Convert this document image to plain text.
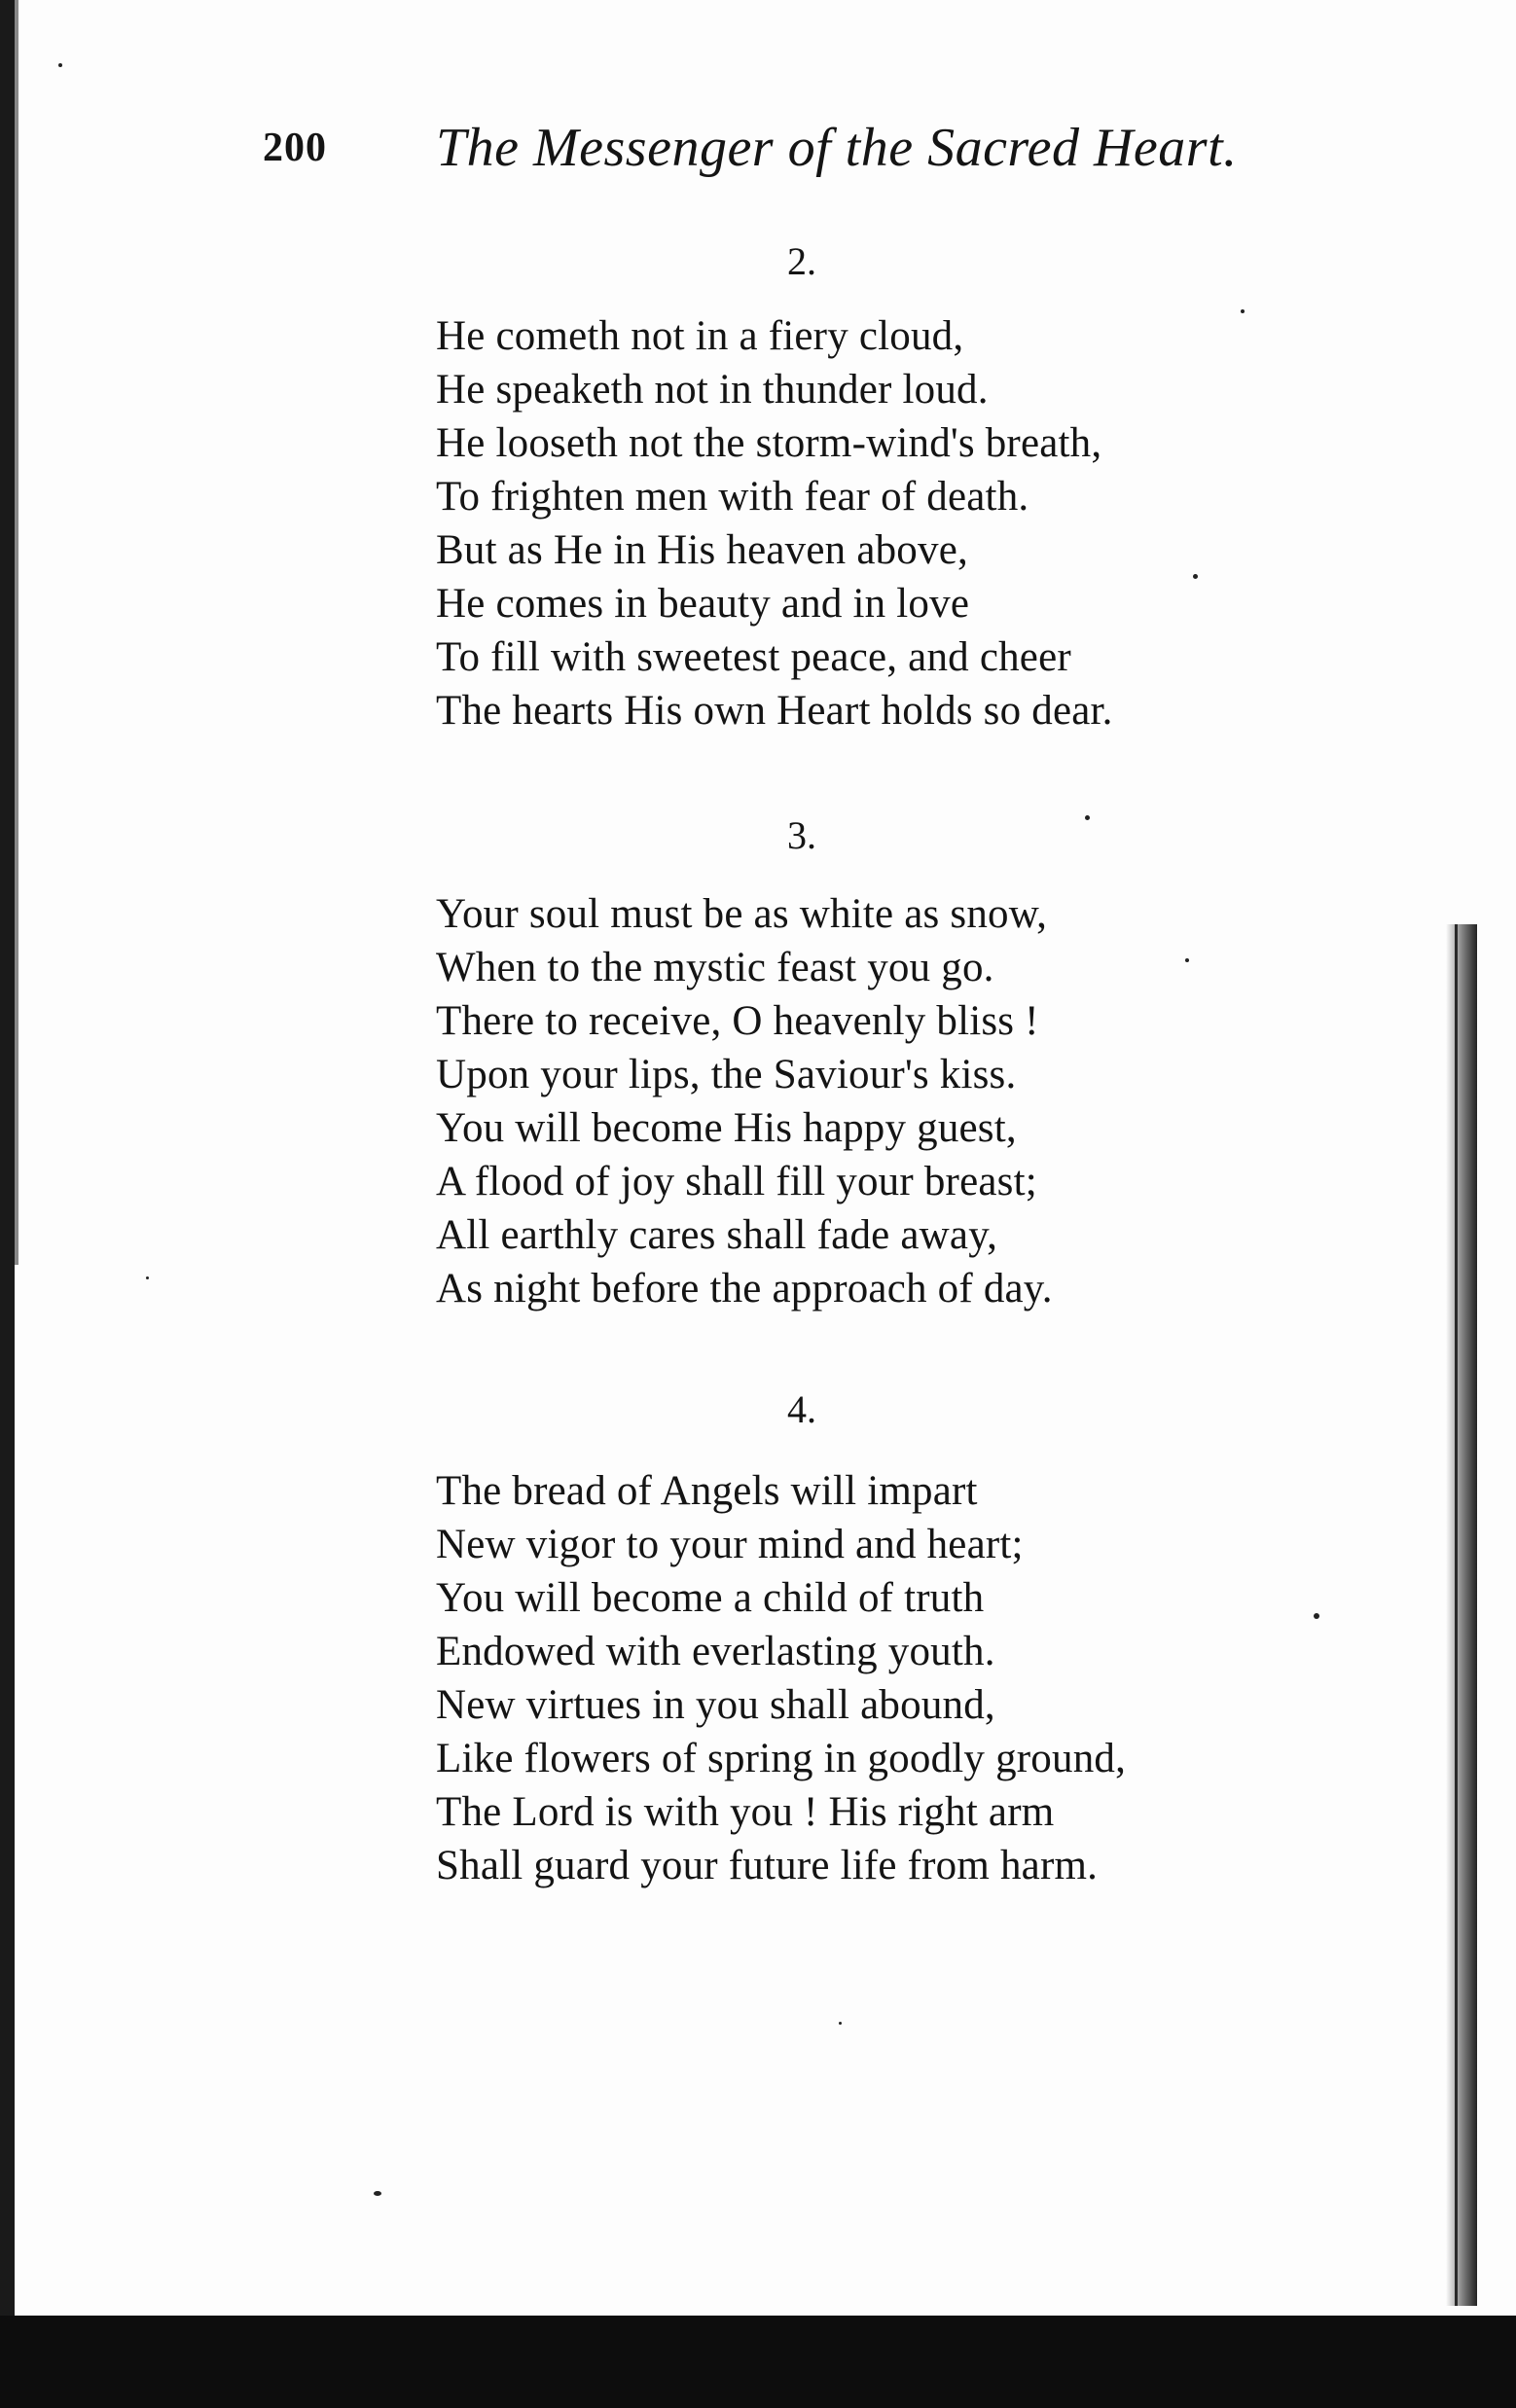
200 The Messenger of the Sacred Heart.
2.
He cometh not in a fiery cloud,
He speaketh not in thunder loud.
He looseth not the storm-wind's breath,
To frighten men with fear of death.
But as He in His heaven above,
He comes in beauty and in love
To fill with sweetest peace, and cheer
The hearts His own Heart holds so dear.
3.
Your soul must be as white as snow,
When to the mystic feast you go.
There to receive, O heavenly bliss !
Upon your lips, the Saviour's kiss.
You will become His happy guest,
A flood of joy shall fill your breast;
All earthly cares shall fade away,
As night before the approach of day.
4.
The bread of Angels will impart
New vigor to your mind and heart;
You will become a child of truth
Endowed with everlasting youth.
New virtues in you shall abound,
Like flowers of spring in goodly ground,
The Lord is with you ! His right arm
Shall guard your future life from harm.
